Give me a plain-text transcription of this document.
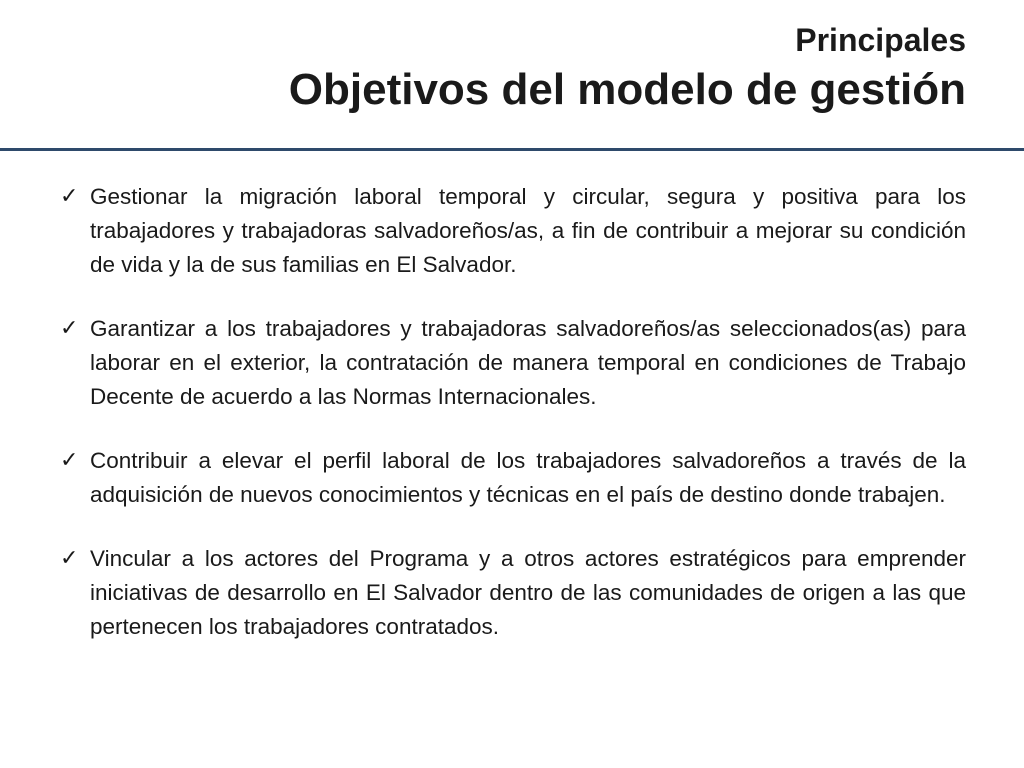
Principales
Objetivos del modelo de gestión
✓ Gestionar la migración laboral temporal y circular, segura y positiva para los trabajadores y trabajadoras salvadoreños/as, a fin de contribuir a mejorar su condición de vida y la de sus familias en El Salvador.
✓ Garantizar a los trabajadores y trabajadoras salvadoreños/as seleccionados(as) para laborar en el exterior, la contratación de manera temporal en condiciones de Trabajo Decente de acuerdo a las Normas Internacionales.
✓ Contribuir a elevar el perfil laboral de los trabajadores salvadoreños a través de la adquisición de nuevos conocimientos y técnicas en el país de destino donde trabajen.
✓ Vincular a los actores del Programa y a otros actores estratégicos para emprender iniciativas de desarrollo en El Salvador dentro de las comunidades de origen a las que pertenecen los trabajadores contratados.
